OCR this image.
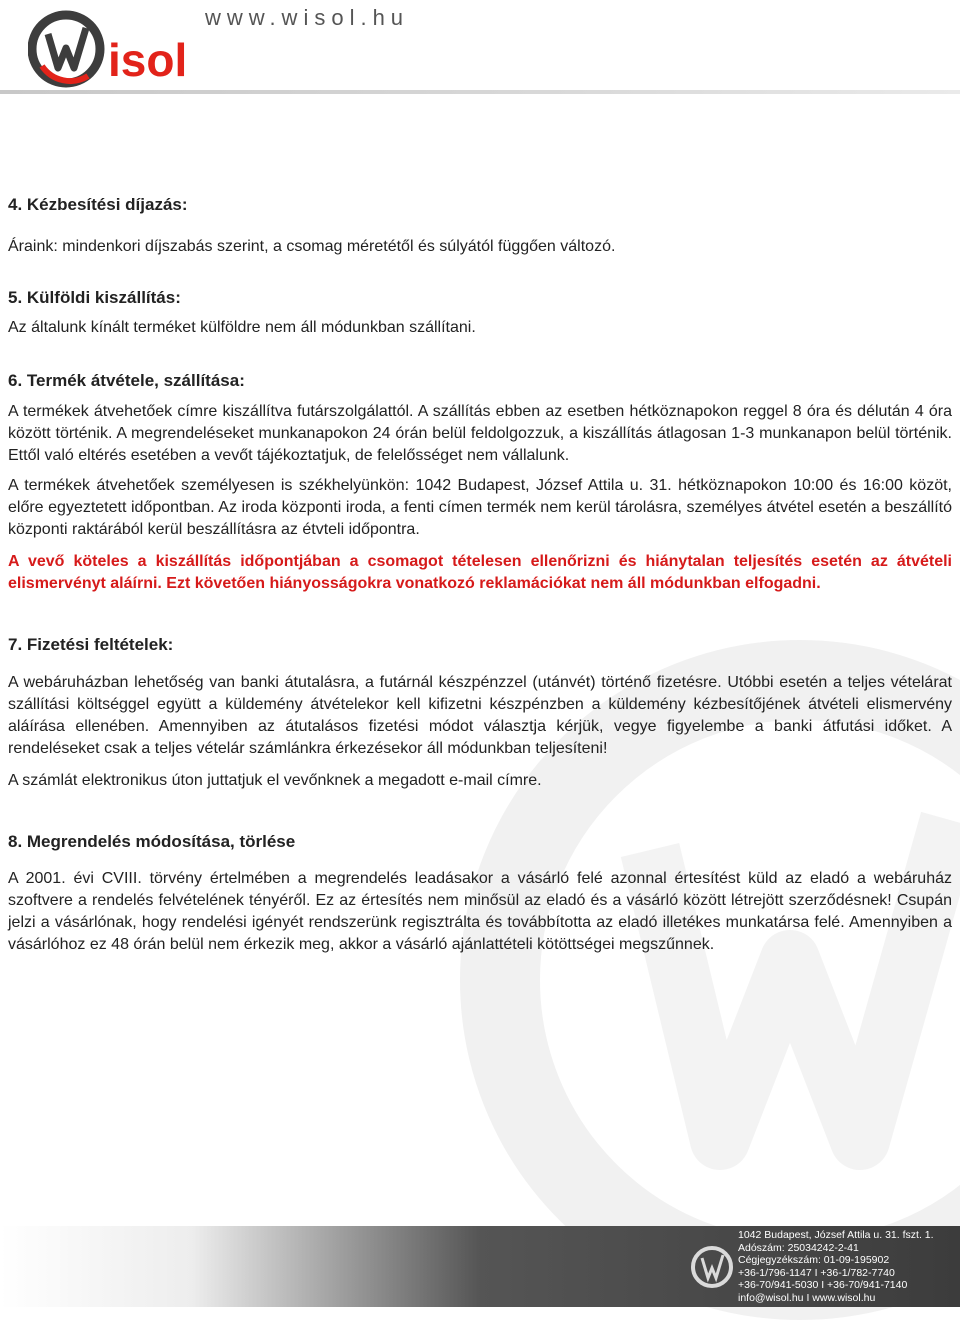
isol
www.wisol.hu

4. Kézbesítési díjazás:

Áraink: mindenkori díjszabás szerint, a csomag méretétől és súlyától függően változó.

5. Külföldi kiszállítás:

Az általunk kínált terméket külföldre nem áll módunkban szállítani.

6. Termék átvétele, szállítása:

A termékek átvehetőek címre kiszállítva futárszolgálattól. A szállítás ebben az esetben hétköznapokon reggel 8 óra és délután 4 óra között történik. A megrendeléseket munkanapokon 24 órán belül feldolgozzuk, a kiszállítás átlagosan 1-3 munkanapon belül történik. Ettől való eltérés esetében a vevőt tájékoztatjuk, de felelősséget nem vállalunk.

A termékek átvehetőek személyesen is székhelyünkön: 1042 Budapest, József Attila u. 31. hétköznapokon 10:00 és 16:00 közöt, előre egyeztetett időpontban. Az iroda központi iroda, a fenti címen termék nem kerül tárolásra, személyes átvétel esetén a beszállító központi raktárából kerül beszállításra az étvteli időpontra.

A vevő köteles a kiszállítás időpontjában a csomagot tételesen ellenőrizni és hiánytalan teljesítés esetén az átvételi elismervényt aláírni. Ezt követően hiányosságokra vonatkozó reklamációkat nem áll módunkban elfogadni.

7. Fizetési feltételek:

A webáruházban lehetőség van banki átutalásra, a futárnál készpénzzel (utánvét) történő fizetésre. Utóbbi esetén a teljes vételárat szállítási költséggel együtt a küldemény átvételekor kell kifizetni készpénzben a küldemény kézbesítőjének átvételi elismervény aláírása ellenében. Amennyiben az átutalásos fizetési módot választja kérjük, vegye figyelembe a banki átfutási időket. A rendeléseket csak a teljes vételár számlánkra érkezésekor áll módunkban teljesíteni!

A számlát elektronikus úton juttatjuk el vevőnknek a megadott e-mail címre.

8. Megrendelés módosítása, törlése

A 2001. évi CVIII. törvény értelmében a megrendelés leadásakor a vásárló felé azonnal értesítést küld az eladó a webáruház szoftvere a rendelés felvételének tényéről. Ez az értesítés nem minősül az eladó és a vásárló között létrejött szerződésnek! Csupán jelzi a vásárlónak, hogy rendelési igényét rendszerünk regisztrálta és továbbította az eladó illetékes munkatársa felé. Amennyiben a vásárlóhoz ez 48 órán belül nem érkezik meg, akkor a vásárló ajánlattételi kötöttségei megszűnnek.

1042 Budapest, József Attila u. 31. fszt. 1.
Adószám: 25034242-2-41
Cégjegyzékszám: 01-09-195902
+36-1/796-1147 I +36-1/782-7740
+36-70/941-5030 I +36-70/941-7140
info@wisol.hu I www.wisol.hu
